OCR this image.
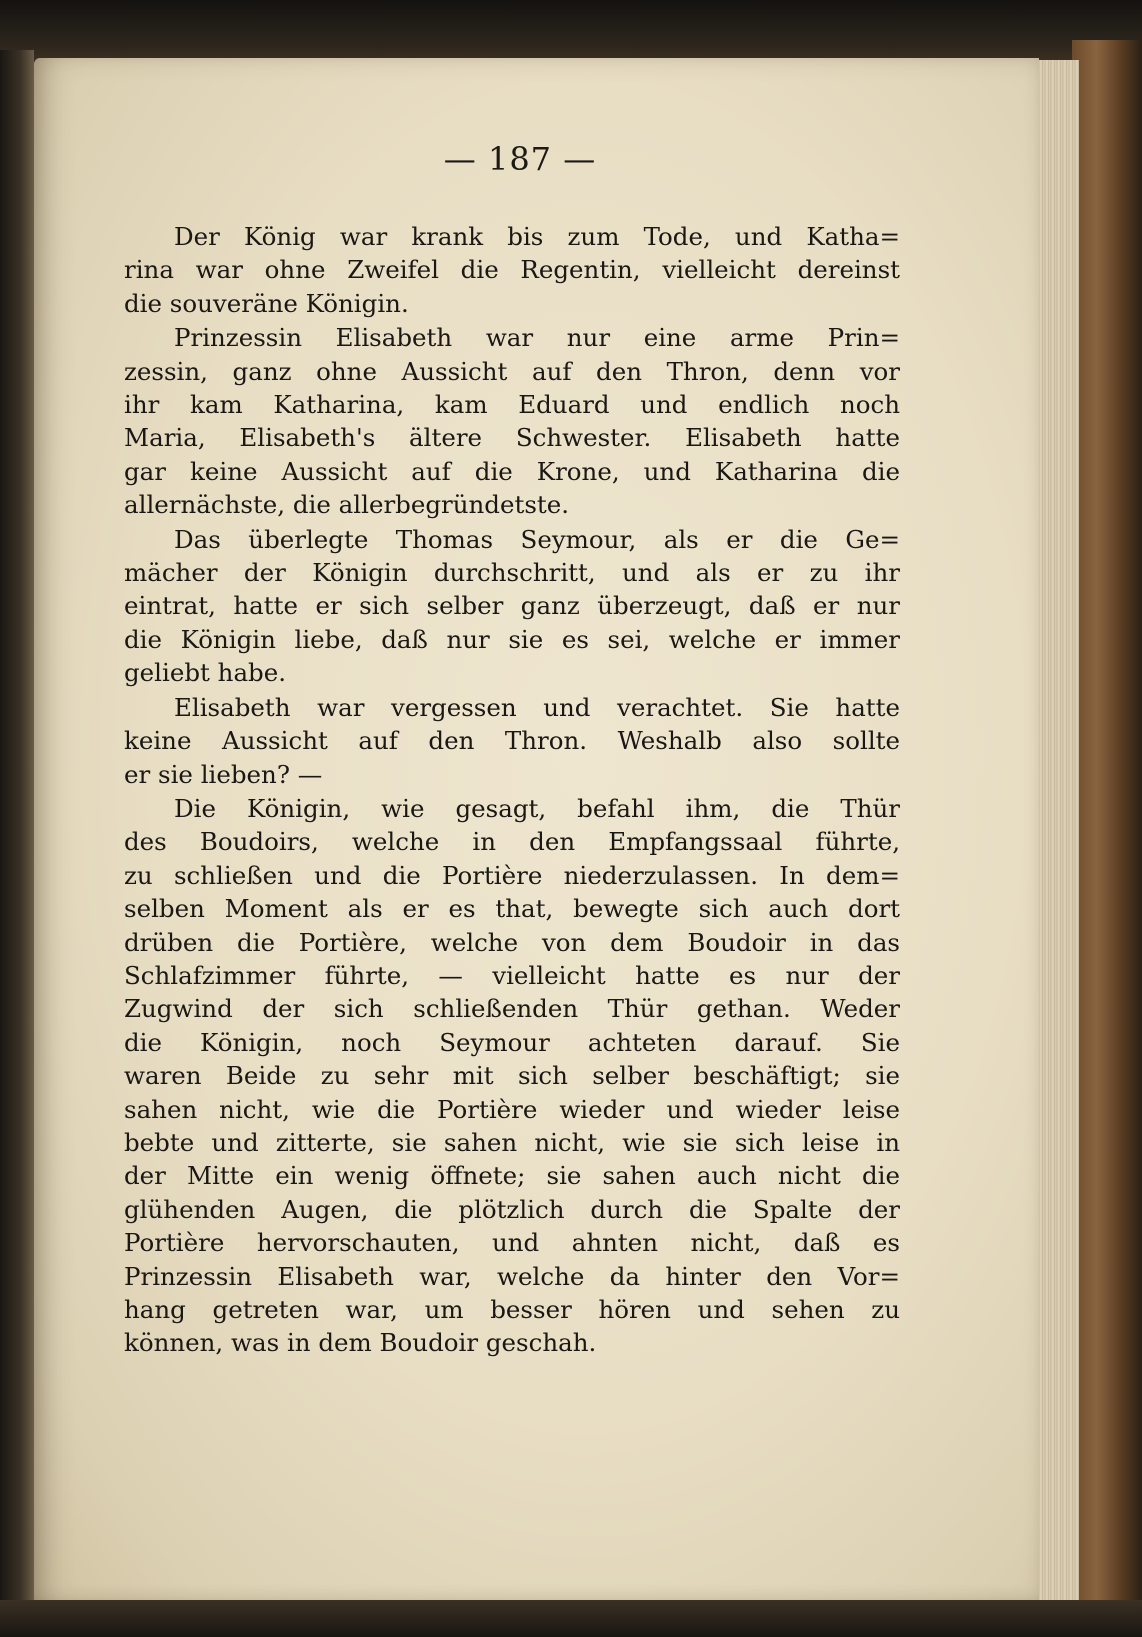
— 187 —
Der König war krank bis zum Tode, und Katha=
rina war ohne Zweifel die Regentin, vielleicht dereinst
die souveräne Königin.
Prinzessin Elisabeth war nur eine arme Prin=
zessin, ganz ohne Aussicht auf den Thron, denn vor
ihr kam Katharina, kam Eduard und endlich noch
Maria, Elisabeth's ältere Schwester. Elisabeth hatte
gar keine Aussicht auf die Krone, und Katharina die
allernächste, die allerbegründetste.
Das überlegte Thomas Seymour, als er die Ge=
mächer der Königin durchschritt, und als er zu ihr
eintrat, hatte er sich selber ganz überzeugt, daß er nur
die Königin liebe, daß nur sie es sei, welche er immer
geliebt habe.
Elisabeth war vergessen und verachtet. Sie hatte
keine Aussicht auf den Thron. Weshalb also sollte
er sie lieben? —
Die Königin, wie gesagt, befahl ihm, die Thür
des Boudoirs, welche in den Empfangssaal führte,
zu schließen und die Portière niederzulassen. In dem=
selben Moment als er es that, bewegte sich auch dort
drüben die Portière, welche von dem Boudoir in das
Schlafzimmer führte, — vielleicht hatte es nur der
Zugwind der sich schließenden Thür gethan. Weder
die Königin, noch Seymour achteten darauf. Sie
waren Beide zu sehr mit sich selber beschäftigt; sie
sahen nicht, wie die Portière wieder und wieder leise
bebte und zitterte, sie sahen nicht, wie sie sich leise in
der Mitte ein wenig öffnete; sie sahen auch nicht die
glühenden Augen, die plötzlich durch die Spalte der
Portière hervorschauten, und ahnten nicht, daß es
Prinzessin Elisabeth war, welche da hinter den Vor=
hang getreten war, um besser hören und sehen zu
können, was in dem Boudoir geschah.
